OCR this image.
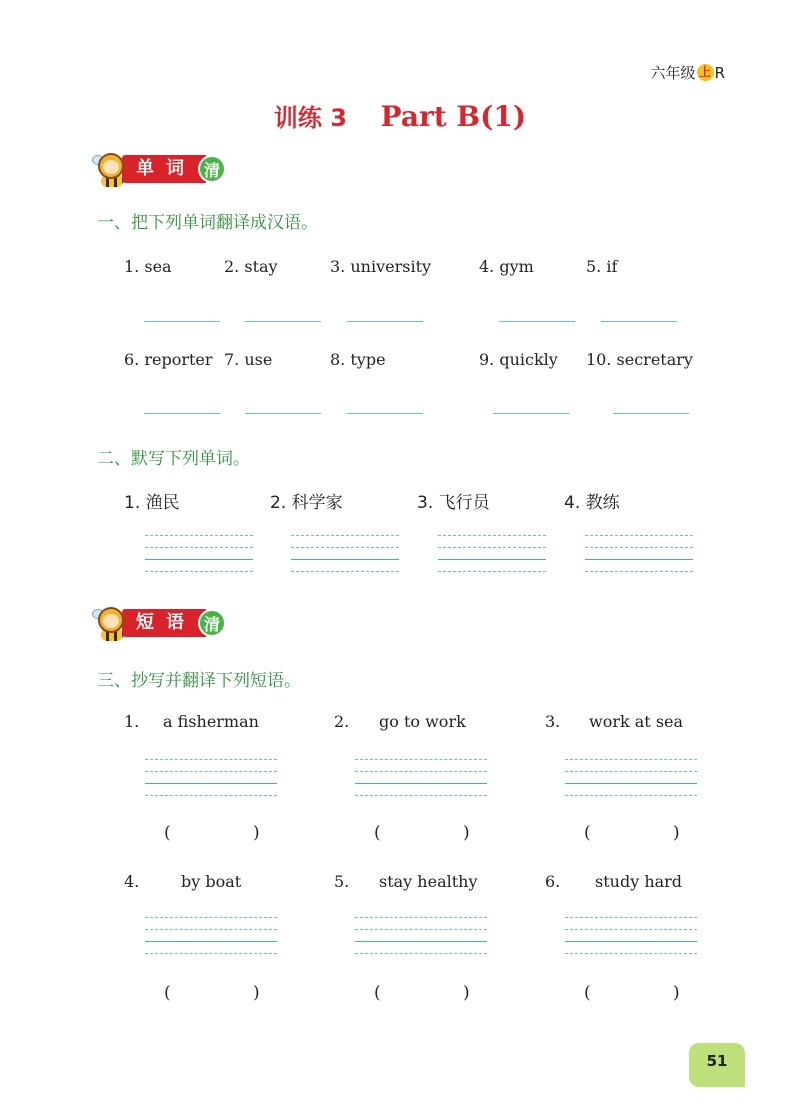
六年级 上 R
训练 3 Part B(1)
单词 清
一、把下列单词翻译成汉语。
1. sea	2. stay	3. university	4. gym	5. if
6. reporter 7. use	8. type	9. quickly 10. secretary
二、默写下列单词。
1. 渔民	2. 科学家	3. 飞行员	4. 教练
短语 清
三、抄写并翻译下列短语。
1. a fisherman	2. go to work	3. work at sea
(	)	(	)	(	)
4.	by boat	5. stay healthy	6. study hard
(	)	(	)	(	)
51
